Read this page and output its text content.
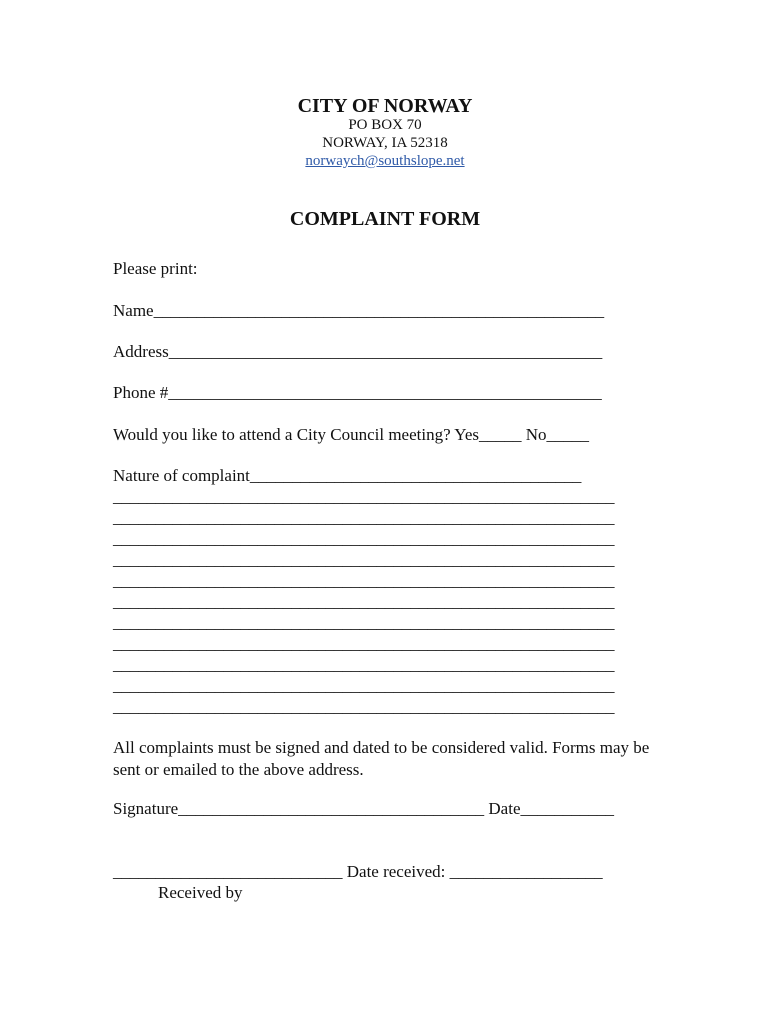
CITY OF NORWAY
PO BOX 70
NORWAY, IA 52318
norwaych@southslope.net
COMPLAINT FORM
Please print:
Name_____________________________________________________
Address___________________________________________________
Phone #___________________________________________________
Would you like to attend a City Council meeting? Yes_____ No_____
Nature of complaint_______________________________________
___________________________________________________________
___________________________________________________________
___________________________________________________________
___________________________________________________________
___________________________________________________________
___________________________________________________________
___________________________________________________________
___________________________________________________________
___________________________________________________________
___________________________________________________________
___________________________________________________________
All complaints must be signed and dated to be considered valid. Forms may be sent or emailed to the above address.
Signature____________________________________ Date___________
___________________________ Date received: __________________
Received by
